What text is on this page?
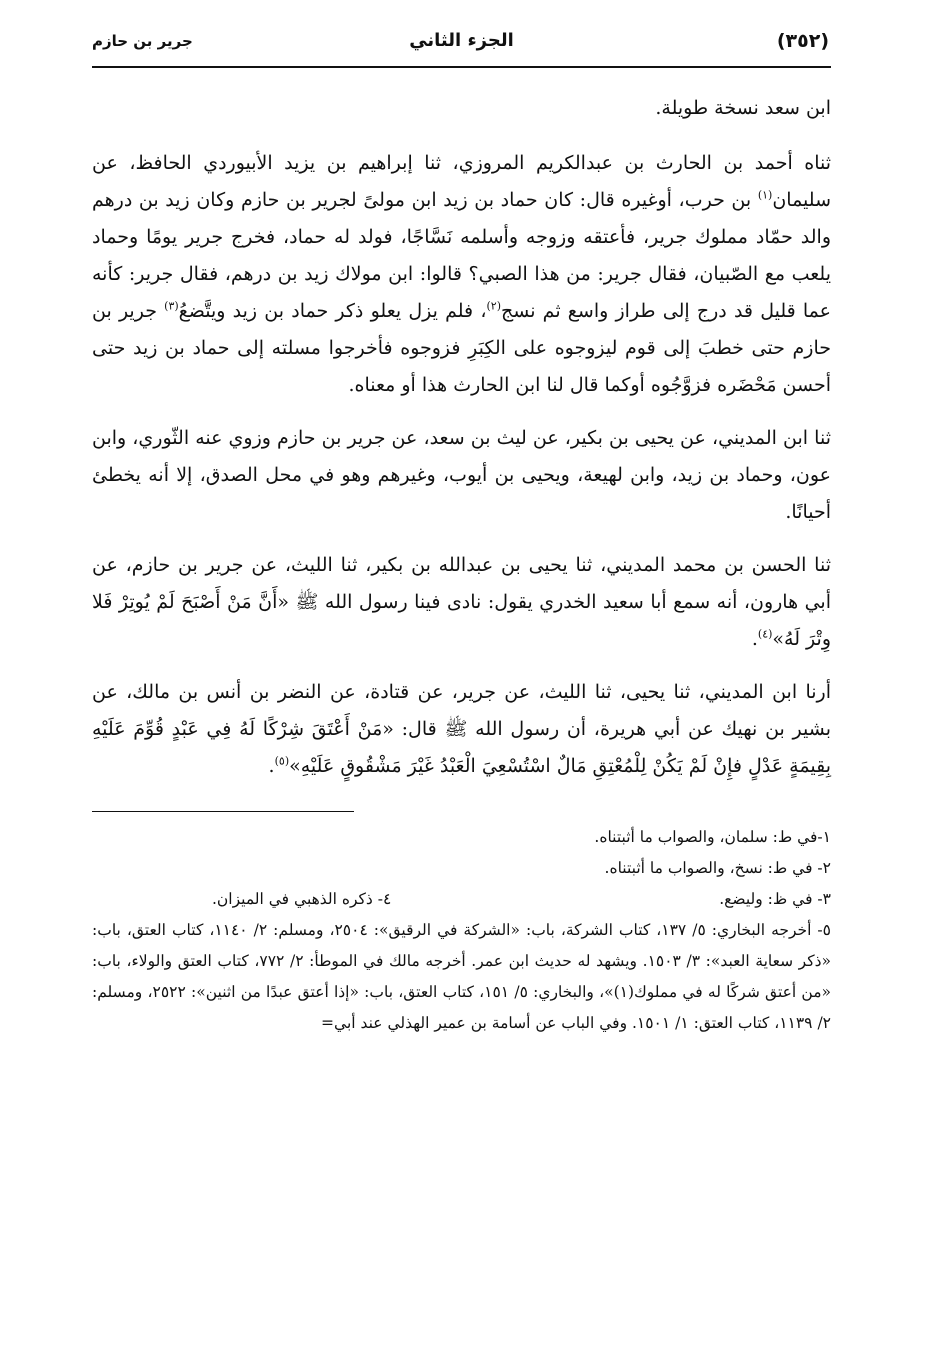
(٣٥٢)
الجزء الثاني
جرير بن حازم

ابن سعد نسخة طويلة.

ثناه أحمد بن الحارث بن عبدالكريم المروزي، ثنا إبراهيم بن يزيد الأبيوردي الحافظ، عن سليمان$^{(١)}$ بن حرب، أوغيره قال: كان حماد بن زيد ابن مولىً لجرير بن حازم وكان زيد بن درهم والد حمّاد مملوك جرير، فأعتقه وزوجه وأسلمه نَسَّاجًا، فولد له حماد، فخرج جرير يومًا وحماد يلعب مع الصّبيان، فقال جرير: من هذا الصبي؟ قالوا: ابن مولاك زيد بن درهم، فقال جرير: كأنه عما قليل قد درج إلى طراز واسع ثم نسج$^{(٢)}$، فلم يزل يعلو ذكر حماد بن زيد ويتَّضعُ$^{(٣)}$ جرير بن حازم حتى خطبَ إلى قوم ليزوجوه على الكِبَرِ فزوجوه فأخرجوا مسلته إلى حماد بن زيد حتى أحسن مَحْضَره فزوَّجُوه أوكما قال لنا ابن الحارث هذا أو معناه.

ثنا ابن المديني، عن يحيى بن بكير، عن ليث بن سعد، عن جرير بن حازم وزوي عنه الثّوري، وابن عون، وحماد بن زيد، وابن لهيعة، ويحيى بن أيوب، وغيرهم وهو في محل الصدق، إلا أنه يخطئ أحيانًا.

ثنا الحسن بن محمد المديني، ثنا يحيى بن عبدالله بن بكير، ثنا الليث، عن جرير بن حازم، عن أبي هارون، أنه سمع أبا سعيد الخدري يقول: نادى فينا رسول الله ﷺ «أَنَّ مَنْ أَصْبَحَ لَمْ يُوتِرْ فَلا وِتْرَ لَهُ»$^{(٤)}$.

أرنا ابن المديني، ثنا يحيى، ثنا الليث، عن جرير، عن قتادة، عن النضر بن أنس بن مالك، عن بشير بن نهيك عن أبي هريرة، أن رسول الله ﷺ قال: «مَنْ أَعْتَقَ شِرْكًا لَهُ فِي عَبْدٍ قُوِّمَ عَلَيْهِ بِقِيمَةٍ عَدْلٍ فإِنْ لَمْ يَكُنْ لِلْمُعْتِقِ مَالٌ اسْتُسْعِيَ الْعَبْدُ غَيْرَ مَشْقُوقٍ عَلَيْهِ»$^{(٥)}$.

١-في ط: سلمان، والصواب ما أثبتناه.

٢- في ط: نسخ، والصواب ما أثبتناه.

٣- في ظ: وليضع.

٤- ذكره الذهبي في الميزان.

٥- أخرجه البخاري: ٥/ ١٣٧، كتاب الشركة، باب: «الشركة في الرقيق»: ٢٥٠٤، ومسلم: ٢/ ١١٤٠، كتاب العتق، باب: «ذكر سعاية العبد»: ٣/ ١٥٠٣. ويشهد له حديث ابن عمر. أخرجه مالك في الموطأ: ٢/ ٧٧٢، كتاب العتق والولاء، باب: «من أعتق شركًا له في مملوك(١)»، والبخاري: ٥/ ١٥١، كتاب العتق، باب: «إذا أعتق عبدًا من اثنين»: ٢٥٢٢، ومسلم: ٢/ ١١٣٩، كتاب العتق: ١/ ١٥٠١. وفي الباب عن أسامة بن عمير الهذلي عند أبي=
